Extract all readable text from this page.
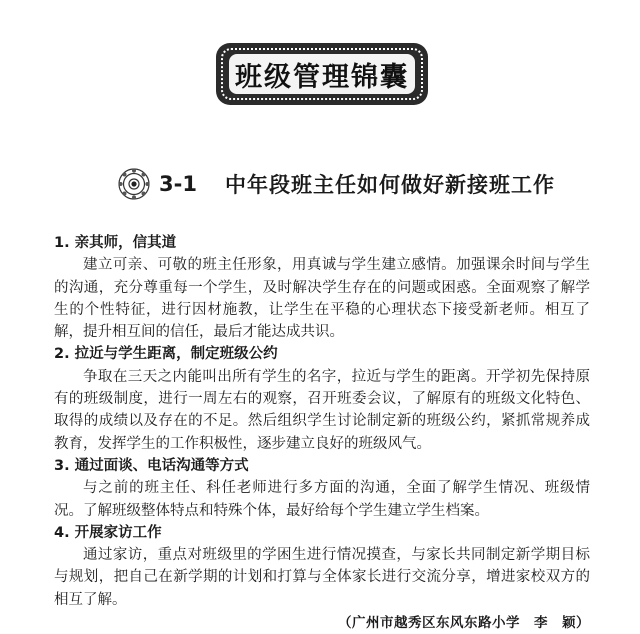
班级管理锦囊
3-1	中年段班主任如何做好新接班工作

1. 亲其师，信其道

建立可亲、可敬的班主任形象，用真诚与学生建立感情。加强课余时间与学生的沟通，充分尊重每一个学生，及时解决学生存在的问题或困惑。全面观察了解学生的个性特征，进行因材施教，让学生在平稳的心理状态下接受新老师。相互了解，提升相互间的信任，最后才能达成共识。

2. 拉近与学生距离，制定班级公约

争取在三天之内能叫出所有学生的名字，拉近与学生的距离。开学初先保持原有的班级制度，进行一周左右的观察，召开班委会议，了解原有的班级文化特色、取得的成绩以及存在的不足。然后组织学生讨论制定新的班级公约，紧抓常规养成教育，发挥学生的工作积极性，逐步建立良好的班级风气。

3. 通过面谈、电话沟通等方式

与之前的班主任、科任老师进行多方面的沟通，全面了解学生情况、班级情况。了解班级整体特点和特殊个体，最好给每个学生建立学生档案。

4. 开展家访工作

通过家访，重点对班级里的学困生进行情况摸查，与家长共同制定新学期目标与规划，把自己在新学期的计划和打算与全体家长进行交流分享，增进家校双方的相互了解。

（广州市越秀区东风东路小学　李　颖）
